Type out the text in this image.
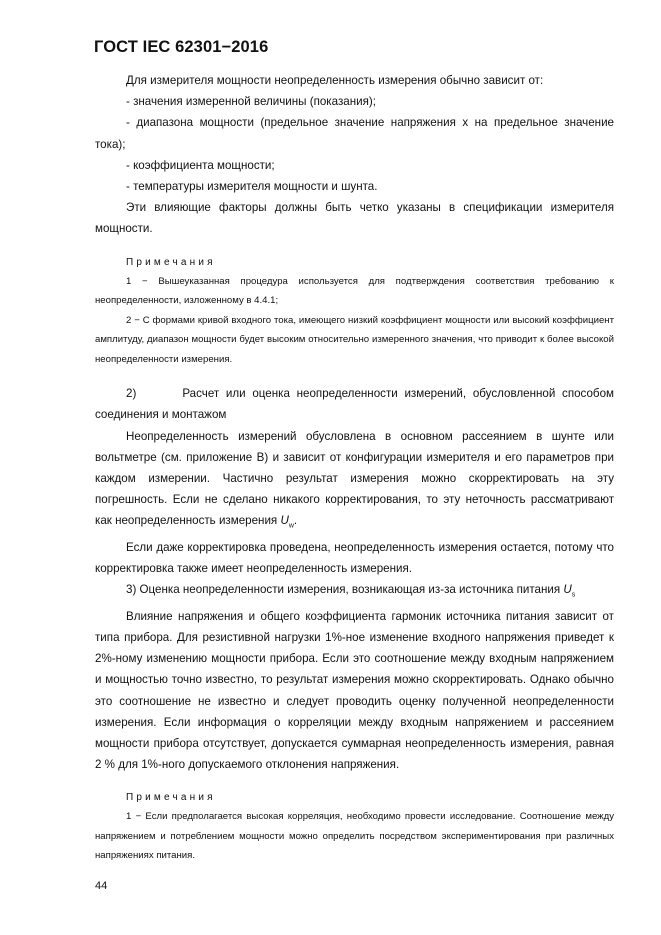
ГОСТ IEC 62301−2016

Для измерителя мощности неопределенность измерения обычно зависит от:

- значения измеренной величины (показания);

- диапазона мощности (предельное значение напряжения х на предельное значение тока);

- коэффициента мощности;

- температуры измерителя мощности и шунта.

Эти влияющие факторы должны быть четко указаны в спецификации измерителя мощности.

Примечания

1 − Вышеуказанная процедура используется для подтверждения соответствия требованию к неопределенности, изложенному в 4.4.1;

2 − С формами кривой входного тока, имеющего низкий коэффициент мощности или высокий коэффициент амплитуду, диапазон мощности будет высоким относительно измеренного значения, что приводит к более высокой неопределенности измерения.

2)	Расчет или оценка неопределенности измерений, обусловленной способом соединения и монтажом

Неопределенность измерений обусловлена в основном рассеянием в шунте или вольтметре (см. приложение В) и зависит от конфигурации измерителя и его параметров при каждом измерении. Частично результат измерения можно скорректировать на эту погрешность. Если не сделано никакого корректирования, то эту неточность рассматривают как неопределенность измерения $U_w$.

Если даже корректировка проведена, неопределенность измерения остается, потому что корректировка также имеет неопределенность измерения.

3) Оценка неопределенности измерения, возникающая из-за источника питания $U_s$

Влияние напряжения и общего коэффициента гармоник источника питания зависит от типа прибора. Для резистивной нагрузки 1%-ное изменение входного напряжения приведет к 2%-ному изменению мощности прибора. Если это соотношение между входным напряжением и мощностью точно известно, то результат измерения можно скорректировать. Однако обычно это соотношение не известно и следует проводить оценку полученной неопределенности измерения. Если информация о корреляции между входным напряжением и рассеянием мощности прибора отсутствует, допускается суммарная неопределенность измерения, равная 2 % для 1%-ного допускаемого отклонения напряжения.

Примечания

1 − Если предполагается высокая корреляция, необходимо провести исследование. Соотношение между напряжением и потреблением мощности можно определить посредством экспериментирования при различных напряжениях питания.

44
